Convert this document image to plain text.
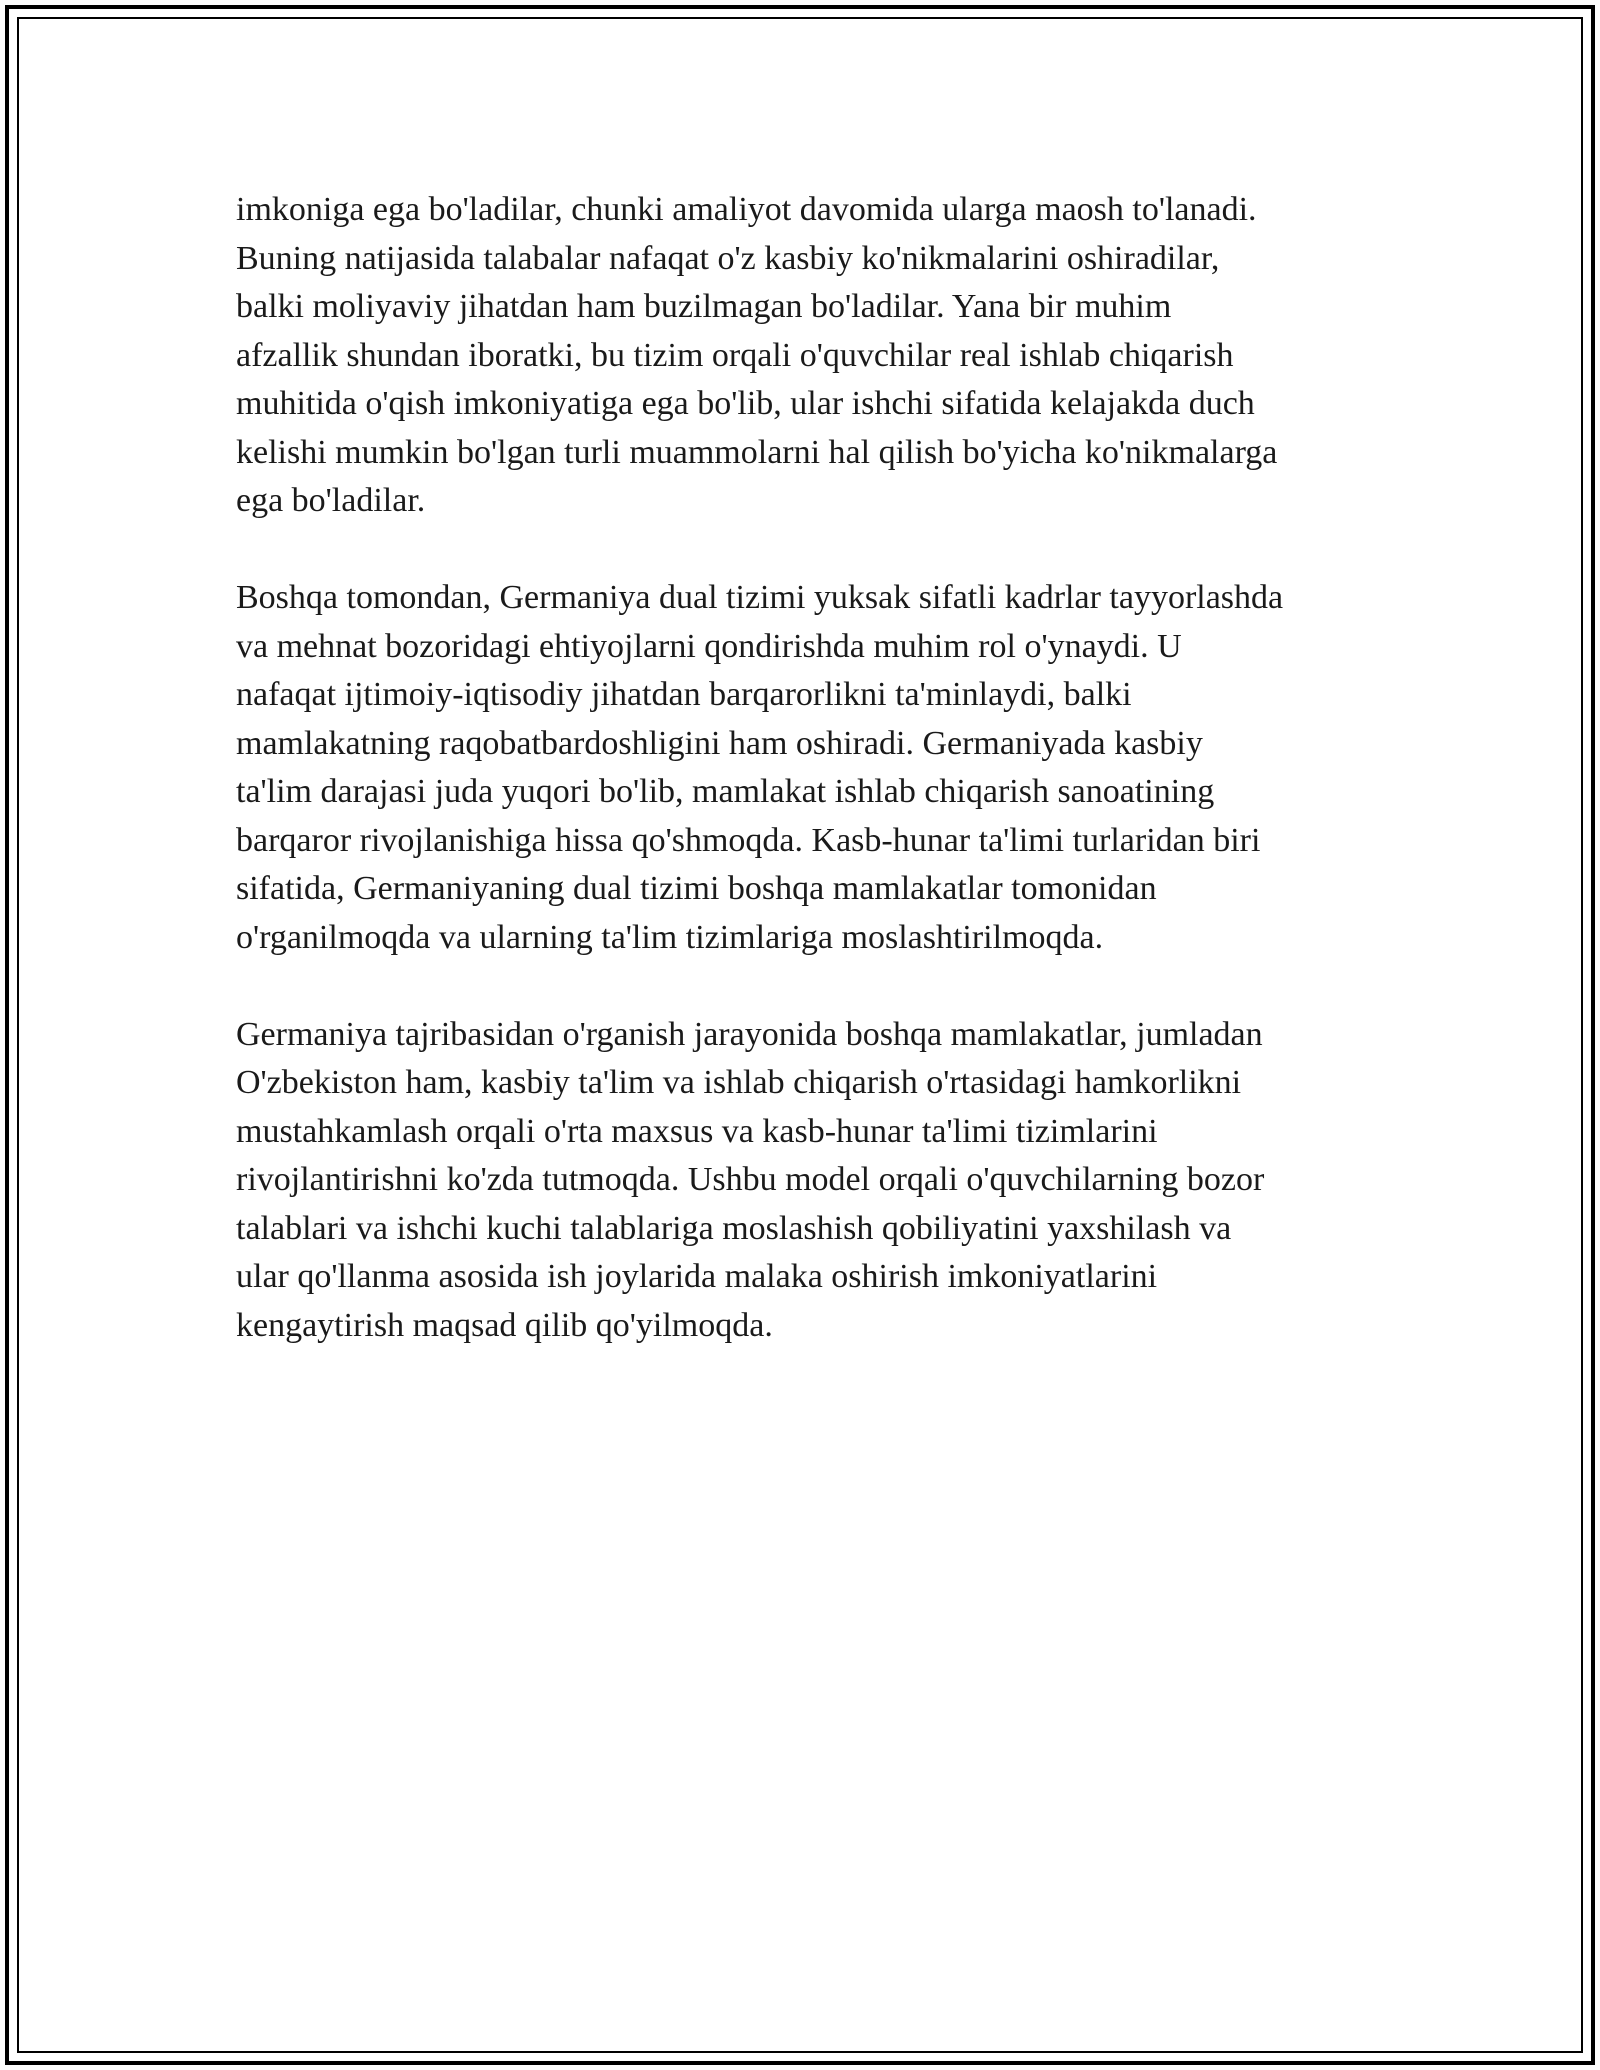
imkoniga ega bo'ladilar, chunki amaliyot davomida ularga maosh to'lanadi.
Buning natijasida talabalar nafaqat o'z kasbiy ko'nikmalarini oshiradilar,
balki moliyaviy jihatdan ham buzilmagan bo'ladilar. Yana bir muhim
afzallik shundan iboratki, bu tizim orqali o'quvchilar real ishlab chiqarish
muhitida o'qish imkoniyatiga ega bo'lib, ular ishchi sifatida kelajakda duch
kelishi mumkin bo'lgan turli muammolarni hal qilish bo'yicha ko'nikmalarga
ega bo'ladilar.
Boshqa tomondan, Germaniya dual tizimi yuksak sifatli kadrlar tayyorlashda
va mehnat bozoridagi ehtiyojlarni qondirishda muhim rol o'ynaydi. U
nafaqat ijtimoiy-iqtisodiy jihatdan barqarorlikni ta'minlaydi, balki
mamlakatning raqobatbardoshligini ham oshiradi. Germaniyada kasbiy
ta'lim darajasi juda yuqori bo'lib, mamlakat ishlab chiqarish sanoatining
barqaror rivojlanishiga hissa qo'shmoqda. Kasb-hunar ta'limi turlaridan biri
sifatida, Germaniyaning dual tizimi boshqa mamlakatlar tomonidan
o'rganilmoqda va ularning ta'lim tizimlariga moslashtirilmoqda.
Germaniya tajribasidan o'rganish jarayonida boshqa mamlakatlar, jumladan
O'zbekiston ham, kasbiy ta'lim va ishlab chiqarish o'rtasidagi hamkorlikni
mustahkamlash orqali o'rta maxsus va kasb-hunar ta'limi tizimlarini
rivojlantirishni ko'zda tutmoqda. Ushbu model orqali o'quvchilarning bozor
talablari va ishchi kuchi talablariga moslashish qobiliyatini yaxshilash va
ular qo'llanma asosida ish joylarida malaka oshirish imkoniyatlarini
kengaytirish maqsad qilib qo'yilmoqda.
